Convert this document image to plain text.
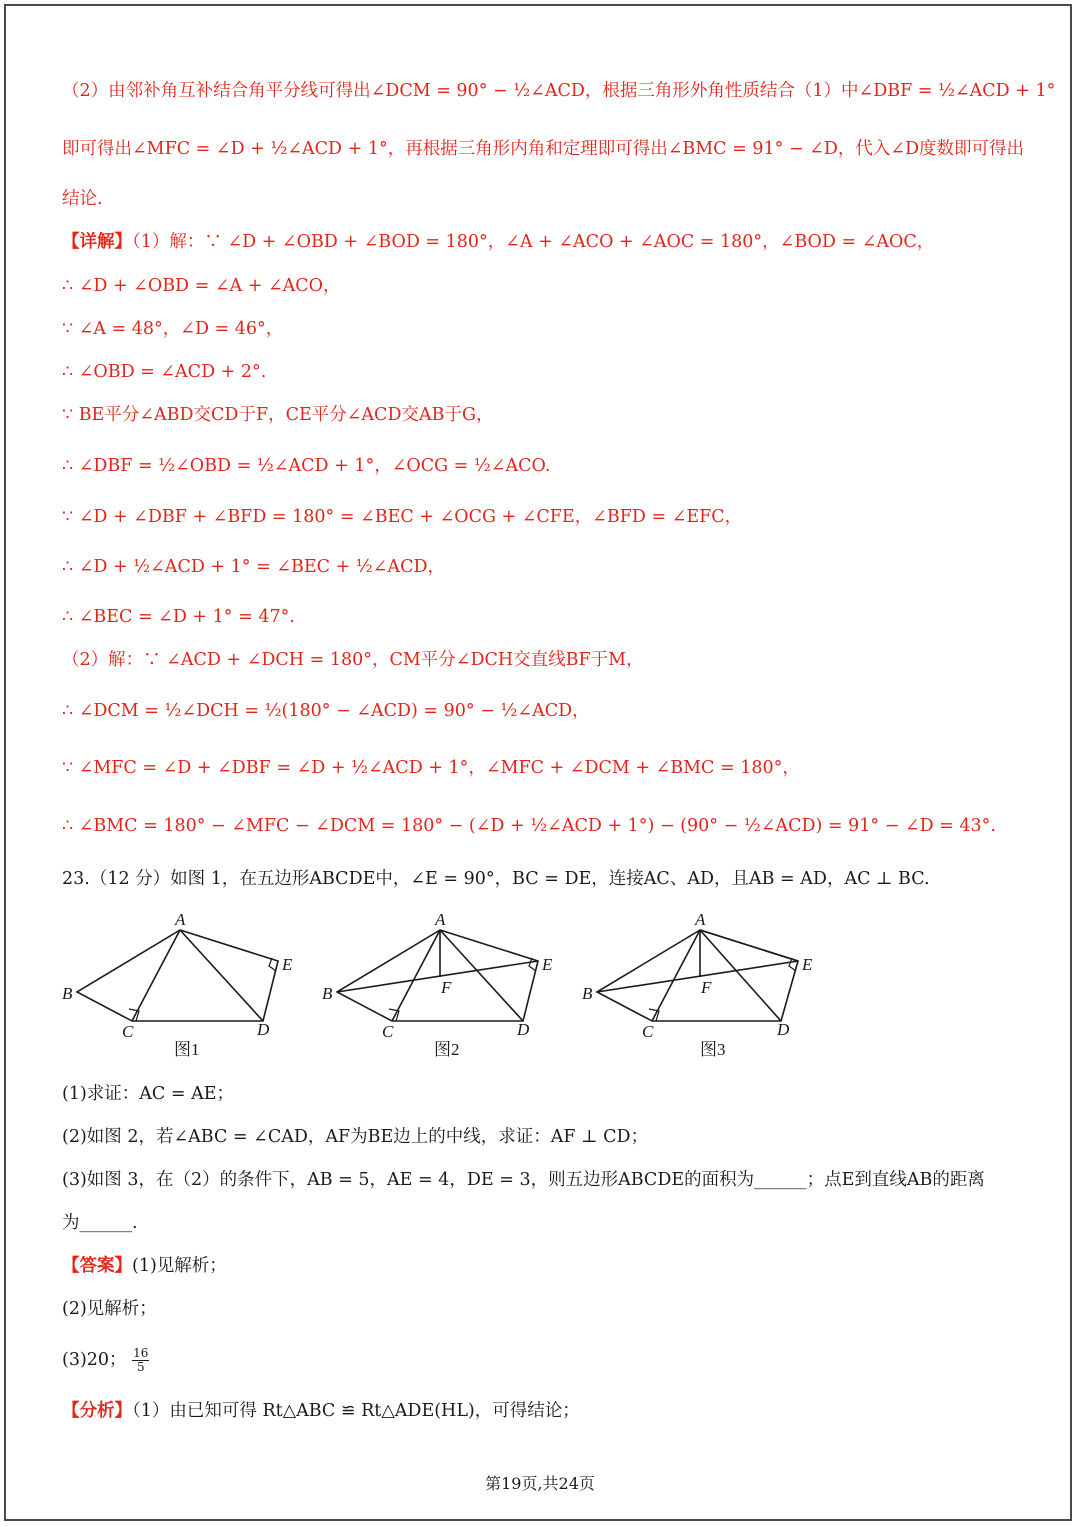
（2）由邻补角互补结合角平分线可得出∠DCM = 90° − ½∠ACD，根据三角形外角性质结合（1）中∠DBF = ½∠ACD + 1°
即可得出∠MFC = ∠D + ½∠ACD + 1°，再根据三角形内角和定理即可得出∠BMC = 91° − ∠D，代入∠D度数即可得出
结论.
【详解】（1）解：∵ ∠D + ∠OBD + ∠BOD = 180°，∠A + ∠ACO + ∠AOC = 180°，∠BOD = ∠AOC，
∴ ∠D + ∠OBD = ∠A + ∠ACO，
∵ ∠A = 48°，∠D = 46°，
∴ ∠OBD = ∠ACD + 2°.
∵ BE平分∠ABD交CD于F，CE平分∠ACD交AB于G，
∴ ∠DBF = ½∠OBD = ½∠ACD + 1°，∠OCG = ½∠ACO.
∵ ∠D + ∠DBF + ∠BFD = 180° = ∠BEC + ∠OCG + ∠CFE，∠BFD = ∠EFC，
∴ ∠D + ½∠ACD + 1° = ∠BEC + ½∠ACD，
∴ ∠BEC = ∠D + 1° = 47°.
（2）解：∵ ∠ACD + ∠DCH = 180°，CM平分∠DCH交直线BF于M，
∴ ∠DCM = ½∠DCH = ½(180° − ∠ACD) = 90° − ½∠ACD，
∵ ∠MFC = ∠D + ∠DBF = ∠D + ½∠ACD + 1°，∠MFC + ∠DCM + ∠BMC = 180°，
∴ ∠BMC = 180° − ∠MFC − ∠DCM = 180° − (∠D + ½∠ACD + 1°) − (90° − ½∠ACD) = 91° − ∠D = 43°.
23.（12 分）如图 1，在五边形ABCDE中，∠E = 90°，BC = DE，连接AC、AD，且AB = AD，AC ⊥ BC.
A
B
C	D
E
图1
A
B
C	D
E
F
图2
A
B
C	D
E
F
图3
(1)求证：AC = AE；
(2)如图 2，若∠ABC = ∠CAD，AF为BE边上的中线，求证：AF ⊥ CD；
(3)如图 3，在（2）的条件下，AB = 5，AE = 4，DE = 3，则五边形ABCDE的面积为______；点E到直线AB的距离
为______.
【答案】(1)见解析；
(2)见解析；
(3)20； $\frac{16}{5}$
【分析】（1）由已知可得 Rt△ABC ≌ Rt△ADE(HL)，可得结论；
第19页,共24页
